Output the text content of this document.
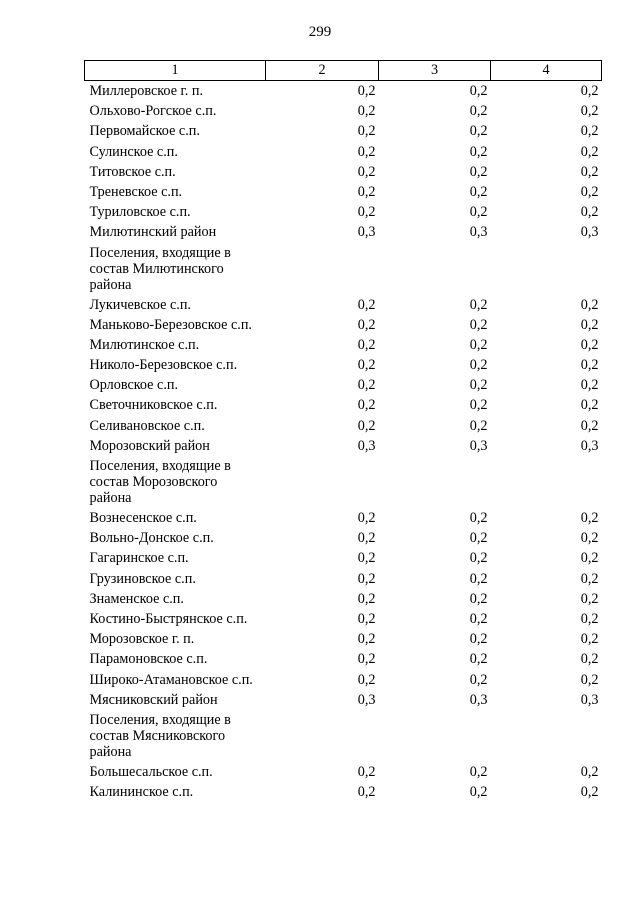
299
1	2	3	4
Миллеровское г. п.	0,2	0,2	0,2
Ольхово-Рогское с.п.	0,2	0,2	0,2
Первомайское с.п.	0,2	0,2	0,2
Сулинское с.п.	0,2	0,2	0,2
Титовское с.п.	0,2	0,2	0,2
Треневское с.п.	0,2	0,2	0,2
Туриловское с.п.	0,2	0,2	0,2
Милютинский район	0,3	0,3	0,3
Поселения, входящие в состав Милютинского района			
Лукичевское с.п.	0,2	0,2	0,2
Маньково-Березовское с.п.	0,2	0,2	0,2
Милютинское с.п.	0,2	0,2	0,2
Николо-Березовское с.п.	0,2	0,2	0,2
Орловское с.п.	0,2	0,2	0,2
Светочниковское с.п.	0,2	0,2	0,2
Селивановское с.п.	0,2	0,2	0,2
Морозовский район	0,3	0,3	0,3
Поселения, входящие в состав Морозовского района			
Вознесенское с.п.	0,2	0,2	0,2
Вольно-Донское с.п.	0,2	0,2	0,2
Гагаринское с.п.	0,2	0,2	0,2
Грузиновское с.п.	0,2	0,2	0,2
Знаменское с.п.	0,2	0,2	0,2
Костино-Быстрянское с.п.	0,2	0,2	0,2
Морозовское г. п.	0,2	0,2	0,2
Парамоновское с.п.	0,2	0,2	0,2
Широко-Атамановское с.п.	0,2	0,2	0,2
Мясниковский район	0,3	0,3	0,3
Поселения, входящие в состав Мясниковского района			
Большесальское с.п.	0,2	0,2	0,2
Калининское с.п.	0,2	0,2	0,2
